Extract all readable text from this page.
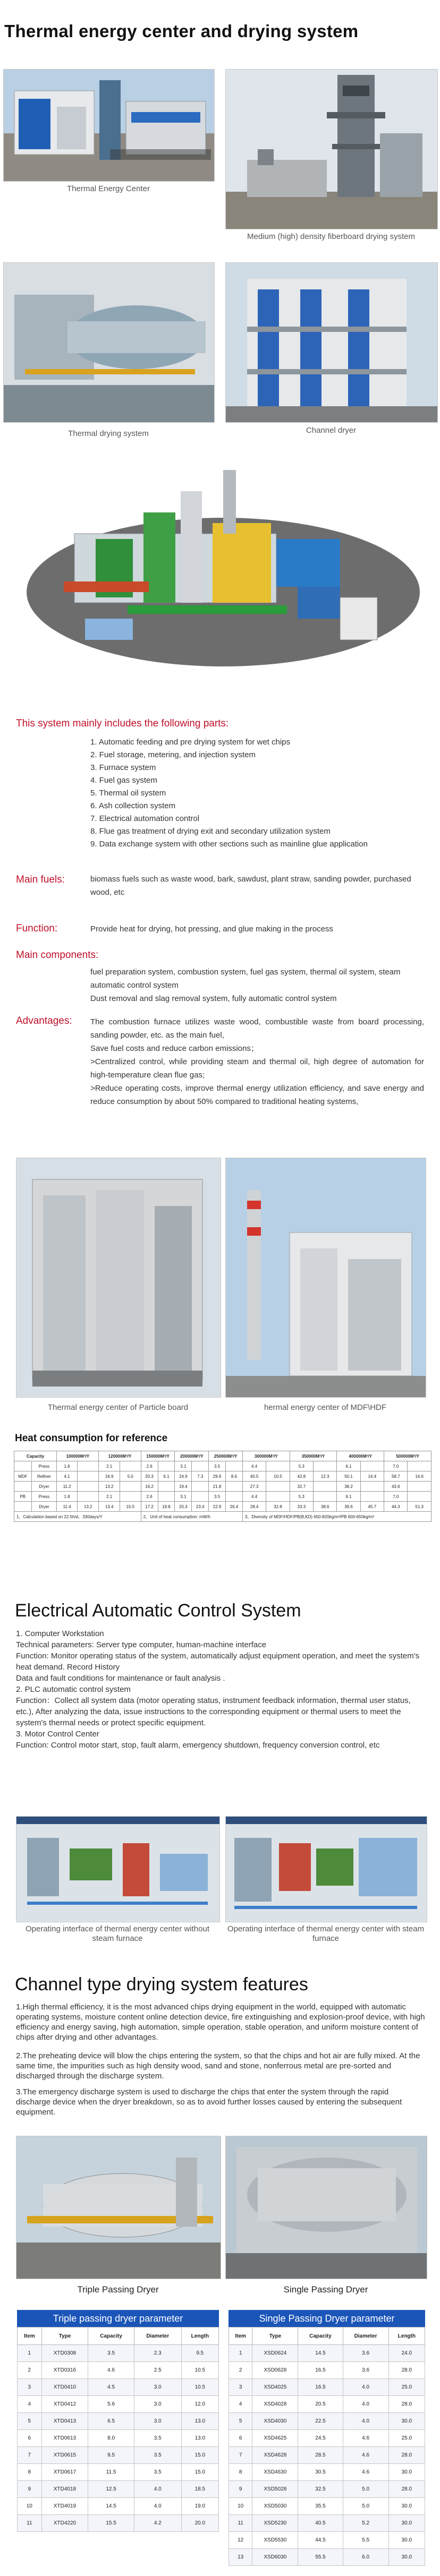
Thermal energy center and drying system
Thermal Energy Center
Medium (high) density fiberboard drying system
Thermal drying system	Channel dryer
This system mainly includes the following parts:
1. Automatic feeding and pre drying system for wet chips
2. Fuel storage, metering, and injection system
3. Furnace system
4. Fuel gas system
5. Thermal oil system
6. Ash collection system
7. Electrical automation control
8. Flue gas treatment of drying exit and secondary utilization system
9. Data exchange system with other sections such as mainline glue application
Main fuels:	biomass fuels such as waste wood, bark, sawdust, plant straw, sanding powder, purchased wood, etc
Function:	Provide heat for drying, hot pressing, and glue making in the process
Main components:
fuel preparation system, combustion system, fuel gas system, thermal oil system, steam automatic control system
Dust removal and slag removal system, fully automatic control system
Advantages: The combustion furnace utilizes waste wood, combustible waste from board processing, sanding powder, etc. as the main fuel,
Save fuel costs and reduce carbon emissions；
>Centralized control, while providing steam and thermal oil, high degree of automation for high-temperature clean flue gas;
>Reduce operating costs, improve thermal energy utilization efficiency, and save energy and reduce consumption by about 50% compared to traditional heating systems,
Thermal energy center of Particle board	hermal energy center of MDF\HDF
Heat consumption for reference
Capacity		100000M³/Y		120000M³/Y		150000M³/Y		200000M³/Y		250000M³/Y		300000M³/Y		350000M³/Y		400000M³/Y		500000M³/Y	
	Press	1.6		2.1		2.6		3.1		3.5		4.4		5.3		6.1		7.0	
MDF	Refiner	4.1		16.9	5.0	20.3	6.1	24.9	7.3	29.9	8.6	40.5	10.5	42.8	12.3	50.1	14.4	58.7	16.6
	Dryer	11.2		13.2		16.2		19.4		21.8		27.3		32.7		38.2		43.6	
PB	Press	1.8		2.1		2.6		3.1		3.5		4.4		5.3		6.1		7.0	
	Dryer	11.4	13.2	13.4	15.5	17.2	19.8	20.3	23.4	22.9	26.4	28.4	32.8	33.3	38.6	39.6	45.7	44.3	51.3
1、Calculation based on 22.5h/d、330days/Y						2、Unit of heat consumption: mW/h						3、Diversity of MDF/HDF/PB(B,KD) 650-820kg/m³/PB 600-650kg/m³							
Electrical Automatic Control System
1. Computer Workstation
Technical parameters: Server type computer, human-machine interface
Function: Monitor operating status of the system, automatically adjust equipment operation, and meet the system's heat demand. Record History
Data and fault conditions for maintenance or fault analysis .
2. PLC automatic control system
Function：Collect all system data (motor operating status, instrument feedback information, thermal user status, etc.), After analyzing the data, issue instructions to the corresponding equipment or thermal users to meet the system's thermal needs or protect specific equipment.
3. Motor Control Center
Function: Control motor start, stop, fault alarm, emergency shutdown, frequency conversion control, etc
Operating interface of thermal energy center without steam furnace
Operating interface of thermal energy center with steam furnace
Channel type drying system features
1.High thermal efficiency, it is the most advanced chips drying equipment in the world, equipped with automatic operating systems, moisture content online detection device, fire extinguishing and explosion-proof device, with high efficiency and energy saving, high automation, simple operation, stable operation, and uniform moisture content of chips after drying and other advantages.
2.The preheating device will blow the chips entering the system, so that the chips and hot air are fully mixed. At the same time, the impurities such as high density wood, sand and stone, nonferrous metal are pre-sorted and discharged through the discharge system.
3.The emergency discharge system is used to discharge the chips that enter the system through the rapid discharge device when the dryer breakdown, so as to avoid further losses caused by entering the subsequent equipment.
Triple Passing Dryer	Single Passing Dryer
Triple passing dryer parameter
Item	Type	Capacity	Diameter	Length
1	XTD0308	3.5	2.3	9.5
2	XTD0316	4.6	2.5	10.5
3	XTD0410	4.5	3.0	10.5
4	XTD0412	5.6	3.0	12.0
5	XTD0413	6.5	3.0	13.0
6	XTD0613	8.0	3.5	13.0
7	XTD0615	9.5	3.5	15.0
8	XTD0617	11.5	3.5	15.0
9	XTD4018	12.5	4.0	18.5
10	XTD4019	14.5	4.0	19.0
11	XTD4220	15.5	4.2	20.0
Single Passing Dryer parameter
Item	Type	Capacity	Diameter	Length
1	XSD0624	14.5	3.6	24.0
2	XSD0628	16.5	3.6	28.0
3	XSD4025	16.5	4.0	25.0
4	XSD4028	20.5	4.0	28.0
5	XSD4030	22.5	4.0	30.0
6	XSD4625	24.5	4.6	25.0
7	XSD4628	28.5	4.6	28.0
8	XSD4630	30.5	4.6	30.0
9	XSD5028	32.5	5.0	28.0
10	XSD5030	35.5	5.0	30.0
11	XSD5230	40.5	5.2	30.0
12	XSD5530	44.5	5.5	30.0
13	XSD6030	55.5	6.0	30.0
